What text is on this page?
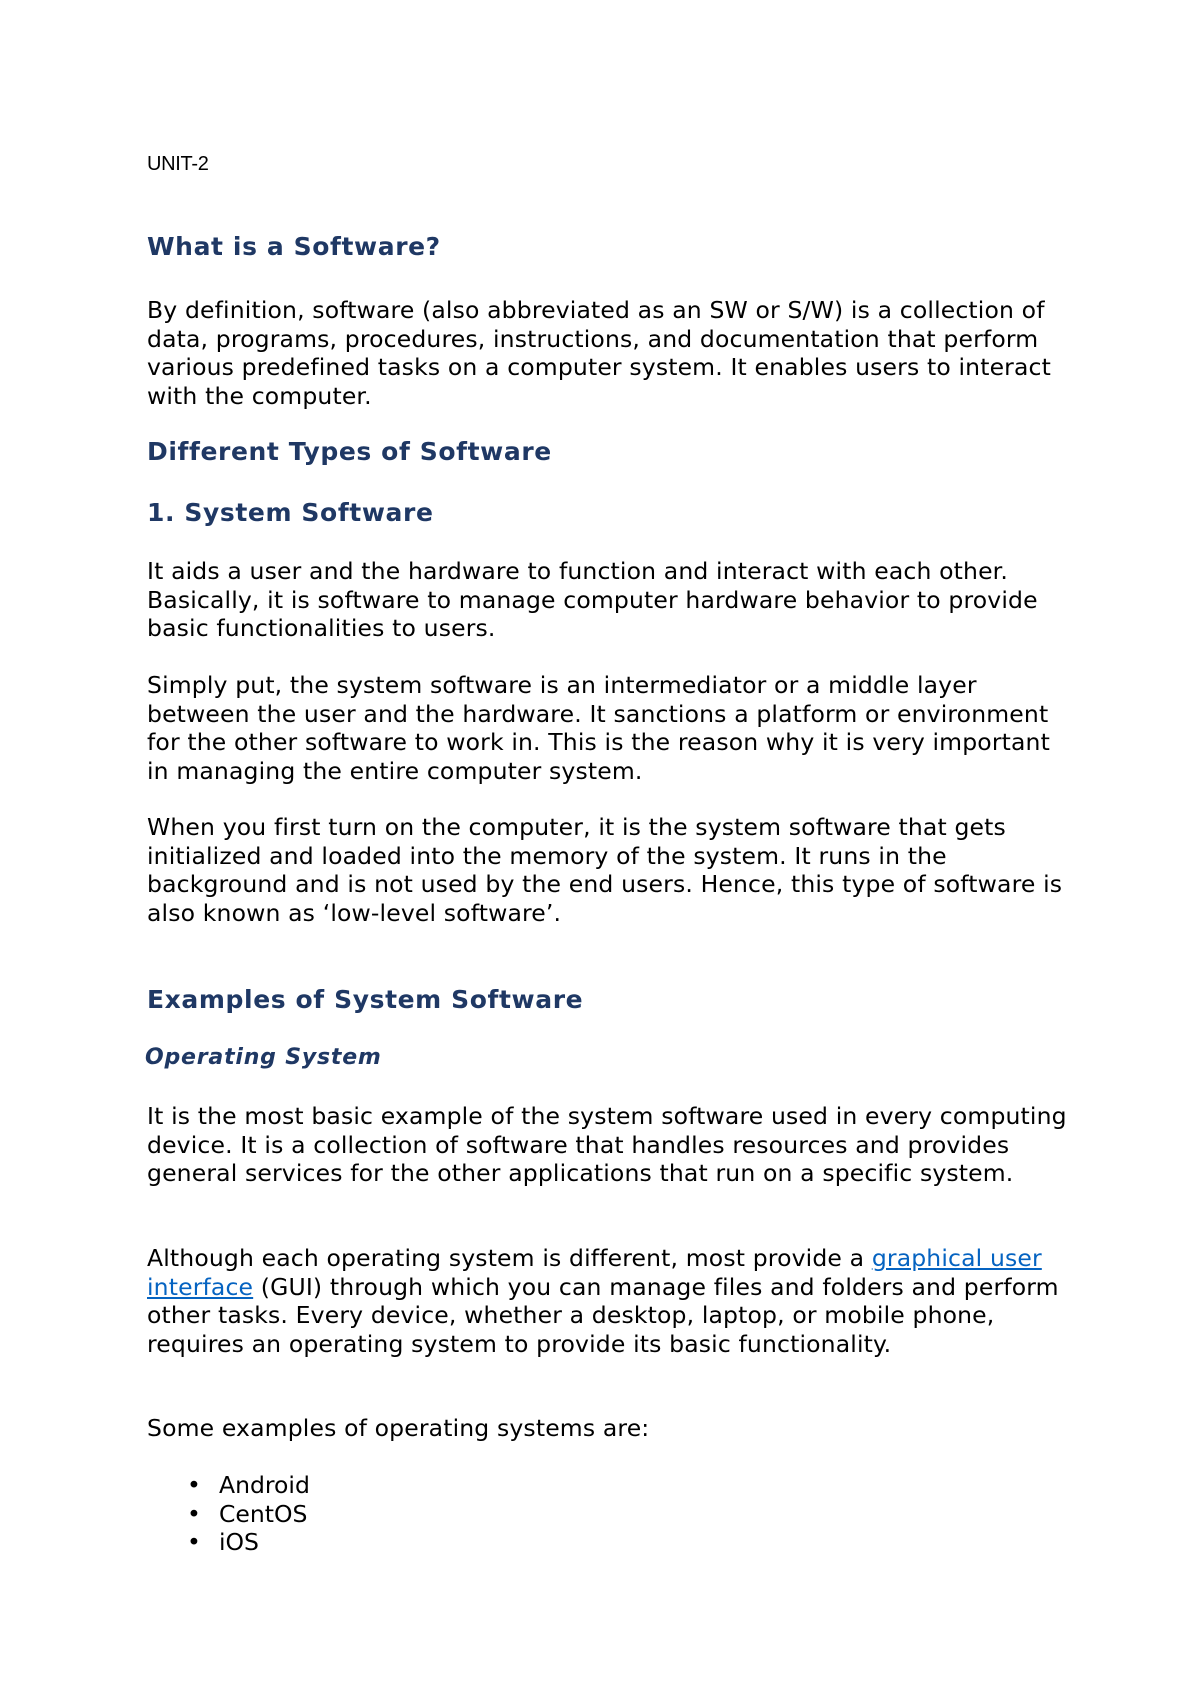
UNIT-2
What is a Software?

By definition, software (also abbreviated as an SW or S/W) is a collection of data, programs, procedures, instructions, and documentation that perform various predefined tasks on a computer system. It enables users to interact with the computer.

Different Types of Software
1. System Software

It aids a user and the hardware to function and interact with each other. Basically, it is software to manage computer hardware behavior to provide basic functionalities to users.

Simply put, the system software is an intermediator or a middle layer between the user and the hardware. It sanctions a platform or environment for the other software to work in. This is the reason why it is very important in managing the entire computer system.

When you first turn on the computer, it is the system software that gets initialized and loaded into the memory of the system. It runs in the background and is not used by the end users. Hence, this type of software is also known as ‘low-level software’.

Examples of System Software
Operating System

It is the most basic example of the system software used in every computing device. It is a collection of software that handles resources and provides general services for the other applications that run on a specific system.

Although each operating system is different, most provide a graphical user interface (GUI) through which you can manage files and folders and perform other tasks. Every device, whether a desktop, laptop, or mobile phone, requires an operating system to provide its basic functionality.

Some examples of operating systems are:

• Android
• CentOS
• iOS
